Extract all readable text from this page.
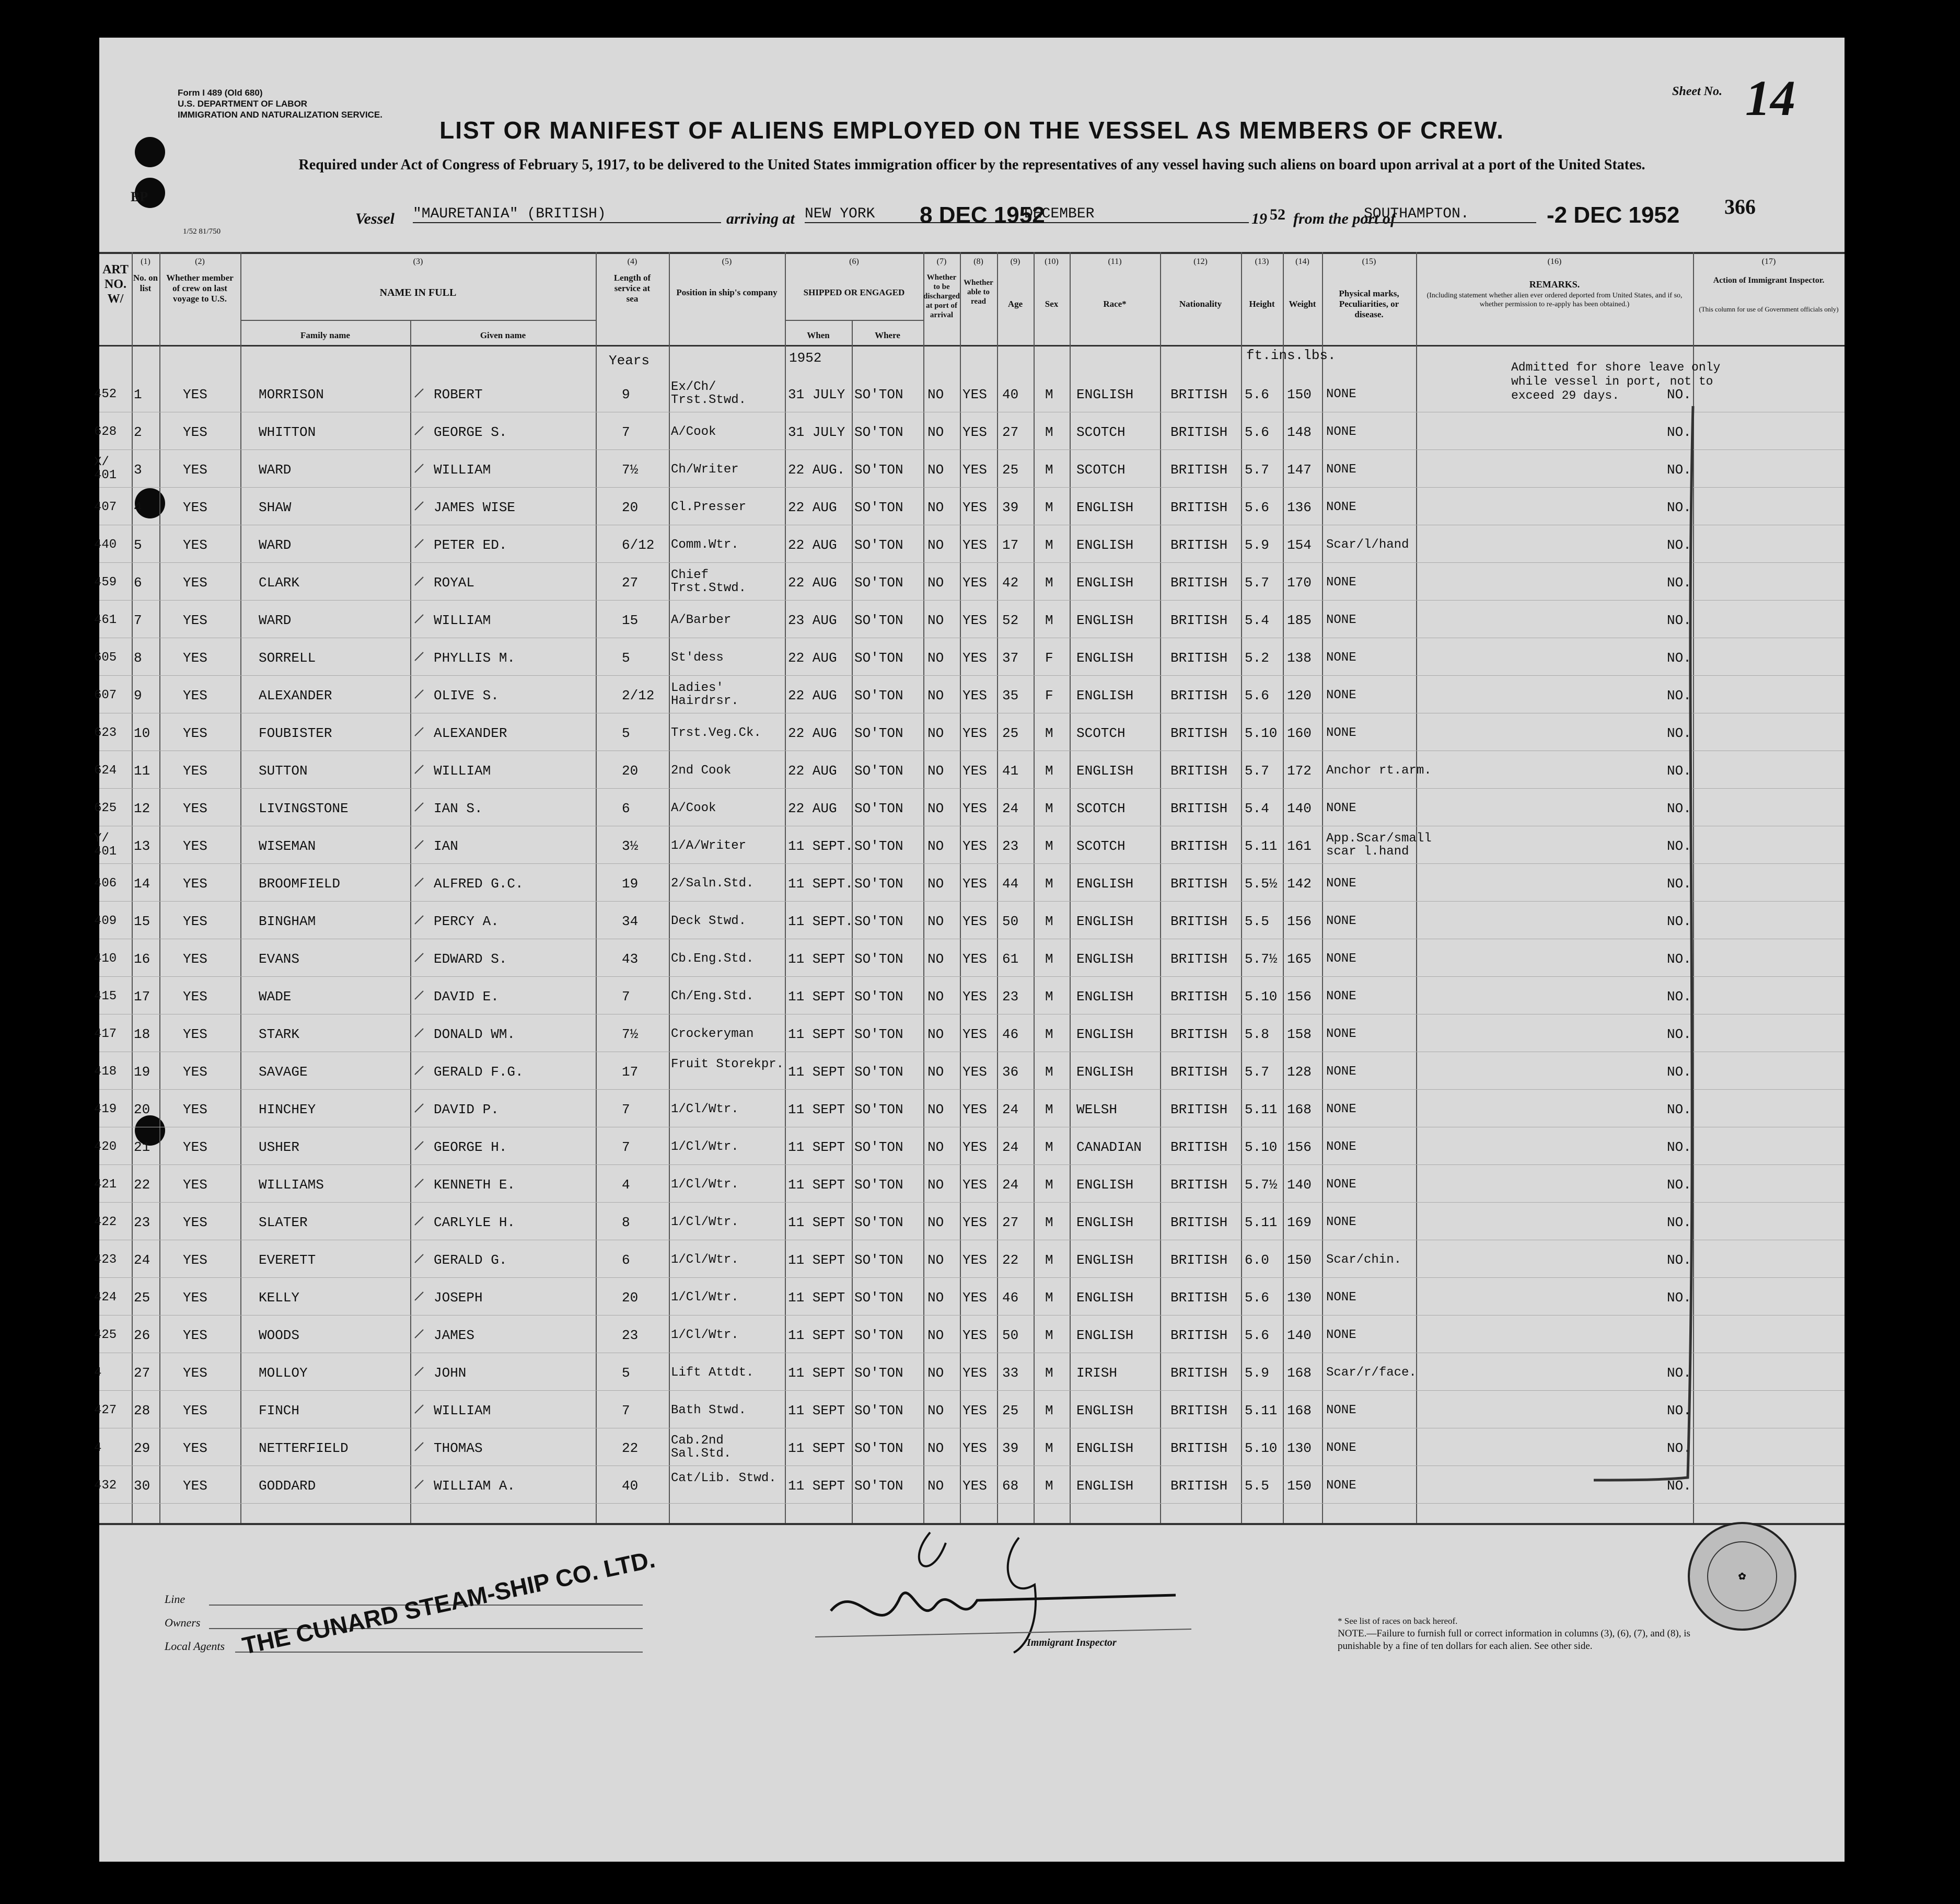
Form I 489 (Old 680)
U.S. DEPARTMENT OF LABOR
IMMIGRATION AND NATURALIZATION SERVICE.
Sheet No. 14
LIST OR MANIFEST OF ALIENS EMPLOYED ON THE VESSEL AS MEMBERS OF CREW.
Required under Act of Congress of February 5, 1917, to be delivered to the United States immigration officer by the representatives of any vessel having such aliens on board upon arrival at a port of the United States.
366
BP
1/52 81/750
Vessel "MAURETANIA" (BRITISH)	arriving at NEW YORK	8 DEC 1952
DECEMBER	19 52 from the port of
SOUTHAMPTON.	-2 DEC 1952
ART NO. W/
(1)
No. on list
(2)
Whether member of crew on last voyage to U.S.
(3)
NAME IN FULL
Family name	Given name
(4)
Length of service at sea
(5)
Position in ship's company
(6)
SHIPPED OR ENGAGED
When	Where
(7)
Whether to be discharged at port of arrival
(8)
Whether able to read
(9)
Age
(10)
Sex
(11)
Race*
(12)
Nationality
(13)
Height
(14)
Weight
(15)
Physical marks, Peculiarities, or disease.
(16)
REMARKS.
(Including statement whether alien ever ordered deported from United States, and if so, whether permission to re-apply has been obtained.)
(17)
Action of Immigrant Inspector.
(This column for use of Government officials only)
Years	1952	ft.ins.lbs.
Admitted for shore leave only while vessel in port, not to exceed 29 days.
452	1	YES	MORRISON	ROBERT	9	Ex/Ch/ Trst.Stwd.	31 JULY SO'TON	NO	YES	40	M	ENGLISH	BRITISH	5.6	150	NONE	NO.
628	2	YES	WHITTON	GEORGE S.	7	A/Cook	31 JULY SO'TON	NO	YES	27	M	SCOTCH	BRITISH	5.6	148	NONE	NO.
X/ 401	3	YES	WARD	WILLIAM	7½	Ch/Writer	22 AUG. SO'TON	NO	YES	25	M	SCOTCH	BRITISH	5.7	147	NONE	NO.
407	4	YES	SHAW	JAMES WISE	20	Cl.Presser	22 AUG	SO'TON	NO	YES	39	M	ENGLISH	BRITISH	5.6	136	NONE	NO.
440	5	YES	WARD	PETER ED.	6/12	Comm.Wtr.	22 AUG	SO'TON	NO	YES	17	M	ENGLISH	BRITISH	5.9	154	Scar/l/hand	NO.
459	6	YES	CLARK	ROYAL	27	Chief Trst.Stwd.	22 AUG	SO'TON	NO	YES	42	M	ENGLISH	BRITISH	5.7	170	NONE	NO.
461	7	YES	WARD	WILLIAM	15	A/Barber	23 AUG	SO'TON	NO	YES	52	M	ENGLISH	BRITISH	5.4	185	NONE	NO.
605	8	YES	SORRELL	PHYLLIS M.	5	St'dess	22 AUG	SO'TON	NO	YES	37	F	ENGLISH	BRITISH	5.2	138	NONE	NO.
607	9	YES	ALEXANDER	OLIVE S.	2/12	Ladies' Hairdrsr.	22 AUG	SO'TON	NO	YES	35	F	ENGLISH	BRITISH	5.6	120	NONE	NO.
623	10	YES	FOUBISTER	ALEXANDER	5	Trst.Veg.Ck.	22 AUG	SO'TON	NO	YES	25	M	SCOTCH	BRITISH	5.10 160	NONE	NO.
624	11	YES	SUTTON	WILLIAM	20	2nd Cook	22 AUG	SO'TON	NO	YES	41	M	ENGLISH	BRITISH	5.7	172	Anchor rt.arm.	NO.
625	12	YES	LIVINGSTONE	IAN S.	6	A/Cook	22 AUG	SO'TON	NO	YES	24	M	SCOTCH	BRITISH	5.4	140	NONE	NO.
Y/ 401	13	YES	WISEMAN	IAN	3½	1/A/Writer	11 SEPT. SO'TON	NO	YES	23	M	SCOTCH	BRITISH	5.11 161	App.Scar/small scar l.hand	NO.
406	14	YES	BROOMFIELD	ALFRED G.C.	19	2/Saln.Std.	11 SEPT. SO'TON	NO	YES	44	M	ENGLISH	BRITISH	5.5½ 142	NONE	NO.
409	15	YES	BINGHAM	PERCY A.	34	Deck Stwd.	11 SEPT. SO'TON	NO	YES	50	M	ENGLISH	BRITISH	5.5	156	NONE	NO.
410	16	YES	EVANS	EDWARD S.	43	Cb.Eng.Std.	11 SEPT SO'TON	NO	YES	61	M	ENGLISH	BRITISH	5.7½ 165	NONE	NO.
415	17	YES	WADE	DAVID E.	7	Ch/Eng.Std.	11 SEPT SO'TON	NO	YES	23	M	ENGLISH	BRITISH	5.10 156	NONE	NO.
417	18	YES	STARK	DONALD WM.	7½	Crockeryman	11 SEPT SO'TON	NO	YES	46	M	ENGLISH	BRITISH	5.8	158	NONE	NO.
418	19	YES	SAVAGE	GERALD F.G.	17	Fruit Storekpr. 11 SEPT SO'TON	NO	YES	36	M	ENGLISH	BRITISH	5.7	128	NONE	NO.
419	20	YES	HINCHEY	DAVID P.	7	1/Cl/Wtr.	11 SEPT SO'TON	NO	YES	24	M	WELSH	BRITISH	5.11 168	NONE	NO.
420	21	YES	USHER	GEORGE H.	7	1/Cl/Wtr.	11 SEPT SO'TON	NO	YES	24	M	CANADIAN	BRITISH	5.10 156	NONE	NO.
421	22	YES	WILLIAMS	KENNETH E.	4	1/Cl/Wtr.	11 SEPT SO'TON	NO	YES	24	M	ENGLISH	BRITISH	5.7½ 140	NONE	NO.
422	23	YES	SLATER	CARLYLE H.	8	1/Cl/Wtr.	11 SEPT SO'TON	NO	YES	27	M	ENGLISH	BRITISH	5.11 169	NONE	NO.
423	24	YES	EVERETT	GERALD G.	6	1/Cl/Wtr.	11 SEPT SO'TON	NO	YES	22	M	ENGLISH	BRITISH	6.0	150	Scar/chin.	NO.
424	25	YES	KELLY	JOSEPH	20	1/Cl/Wtr.	11 SEPT SO'TON	NO	YES	46	M	ENGLISH	BRITISH	5.6	130	NONE	NO.
425	26	YES	WOODS	JAMES	23	1/Cl/Wtr.	11 SEPT SO'TON	NO	YES	50	M	ENGLISH	BRITISH	5.6	140	NONE
4	27	YES	MOLLOY	JOHN	5	Lift Attdt.	11 SEPT SO'TON	NO	YES	33	M	IRISH	BRITISH	5.9	168	Scar/r/face.	NO.
427	28	YES	FINCH	WILLIAM	7	Bath Stwd.	11 SEPT SO'TON	NO	YES	25	M	ENGLISH	BRITISH	5.11 168	NONE	NO.
4	29	YES	NETTERFIELD	THOMAS	22	Cab.2nd Sal.Std.	11 SEPT SO'TON	NO	YES	39	M	ENGLISH	BRITISH	5.10 130	NONE	NO.
432	30	YES	GODDARD	WILLIAM A.	40	Cat/Lib. Stwd. 11 SEPT SO'TON	NO	YES	68	M	ENGLISH	BRITISH	5.5	150	NONE	NO.
Line
Owners
Local Agents THE CUNARD STEAM-SHIP CO. LTD.	Immigrant Inspector
* See list of races on back hereof.
NOTE.—Failure to furnish full or correct information in columns (3), (6), (7), and (8), is punishable by a fine of ten dollars for each alien. See other side.
✿
